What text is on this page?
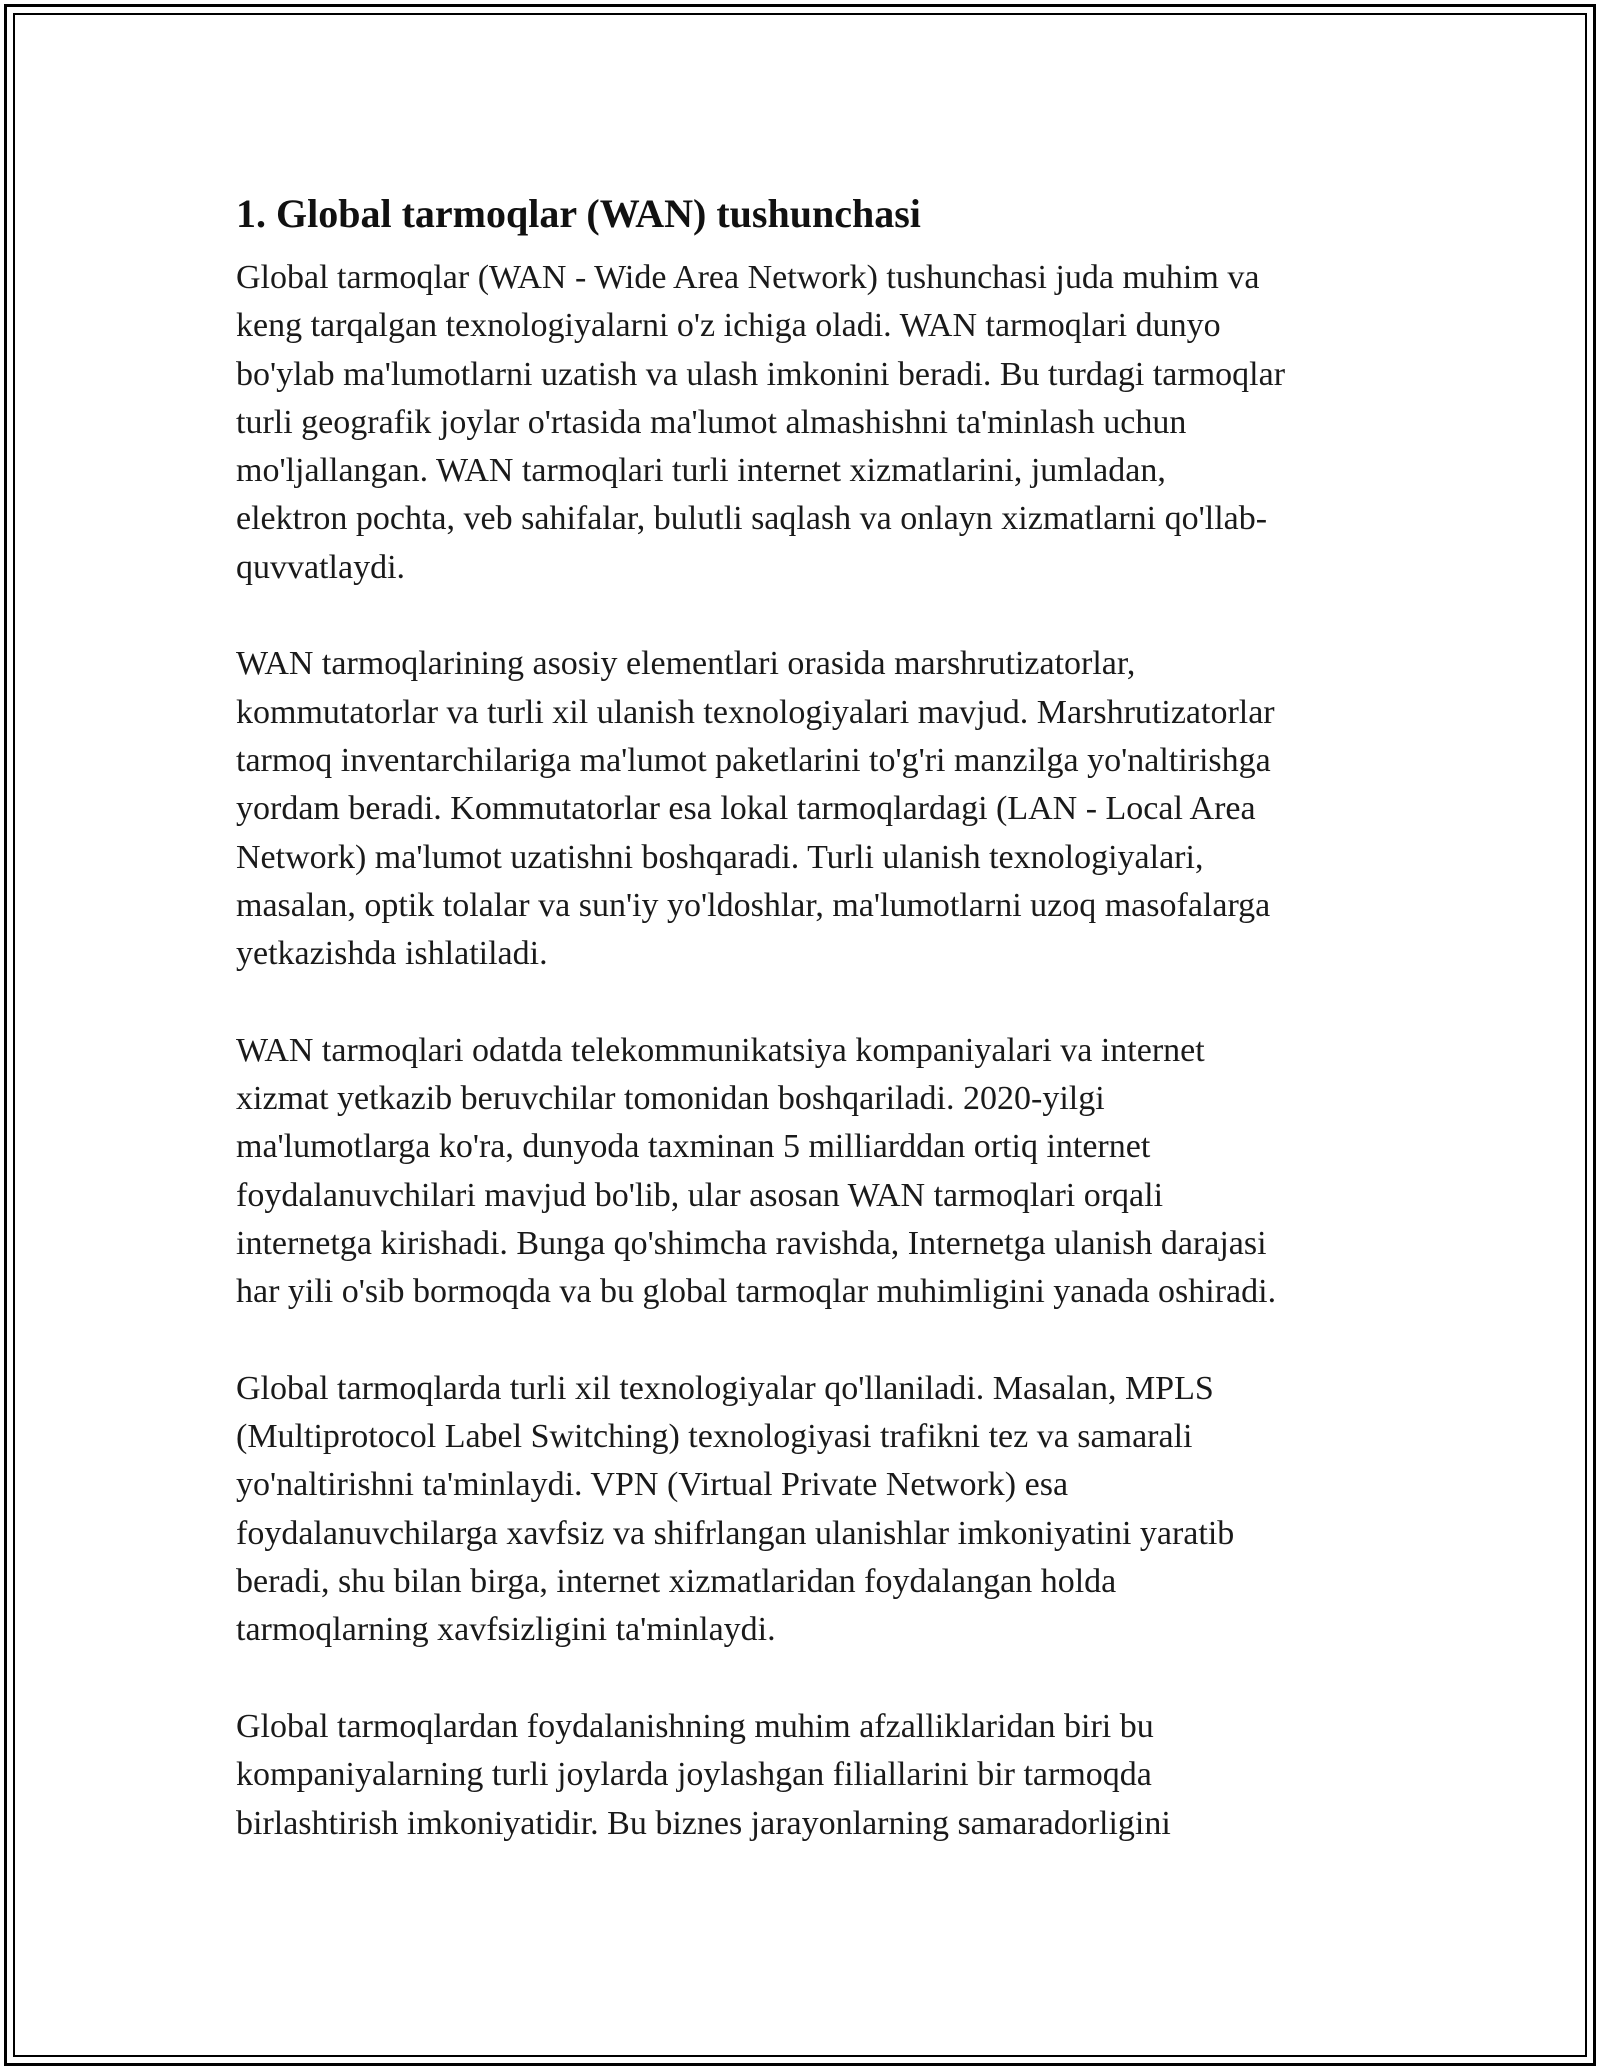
1. Global tarmoqlar (WAN) tushunchasi

Global tarmoqlar (WAN - Wide Area Network) tushunchasi juda muhim va
keng tarqalgan texnologiyalarni o'z ichiga oladi. WAN tarmoqlari dunyo
bo'ylab ma'lumotlarni uzatish va ulash imkonini beradi. Bu turdagi tarmoqlar
turli geografik joylar o'rtasida ma'lumot almashishni ta'minlash uchun
mo'ljallangan. WAN tarmoqlari turli internet xizmatlarini, jumladan,
elektron pochta, veb sahifalar, bulutli saqlash va onlayn xizmatlarni qo'llab-
quvvatlaydi.

WAN tarmoqlarining asosiy elementlari orasida marshrutizatorlar,
kommutatorlar va turli xil ulanish texnologiyalari mavjud. Marshrutizatorlar
tarmoq inventarchilariga ma'lumot paketlarini to'g'ri manzilga yo'naltirishga
yordam beradi. Kommutatorlar esa lokal tarmoqlardagi (LAN - Local Area
Network) ma'lumot uzatishni boshqaradi. Turli ulanish texnologiyalari,
masalan, optik tolalar va sun'iy yo'ldoshlar, ma'lumotlarni uzoq masofalarga
yetkazishda ishlatiladi.

WAN tarmoqlari odatda telekommunikatsiya kompaniyalari va internet
xizmat yetkazib beruvchilar tomonidan boshqariladi. 2020-yilgi
ma'lumotlarga ko'ra, dunyoda taxminan 5 milliarddan ortiq internet
foydalanuvchilari mavjud bo'lib, ular asosan WAN tarmoqlari orqali
internetga kirishadi. Bunga qo'shimcha ravishda, Internetga ulanish darajasi
har yili o'sib bormoqda va bu global tarmoqlar muhimligini yanada oshiradi.

Global tarmoqlarda turli xil texnologiyalar qo'llaniladi. Masalan, MPLS
(Multiprotocol Label Switching) texnologiyasi trafikni tez va samarali
yo'naltirishni ta'minlaydi. VPN (Virtual Private Network) esa
foydalanuvchilarga xavfsiz va shifrlangan ulanishlar imkoniyatini yaratib
beradi, shu bilan birga, internet xizmatlaridan foydalangan holda
tarmoqlarning xavfsizligini ta'minlaydi.

Global tarmoqlardan foydalanishning muhim afzalliklaridan biri bu
kompaniyalarning turli joylarda joylashgan filiallarini bir tarmoqda
birlashtirish imkoniyatidir. Bu biznes jarayonlarning samaradorligini
